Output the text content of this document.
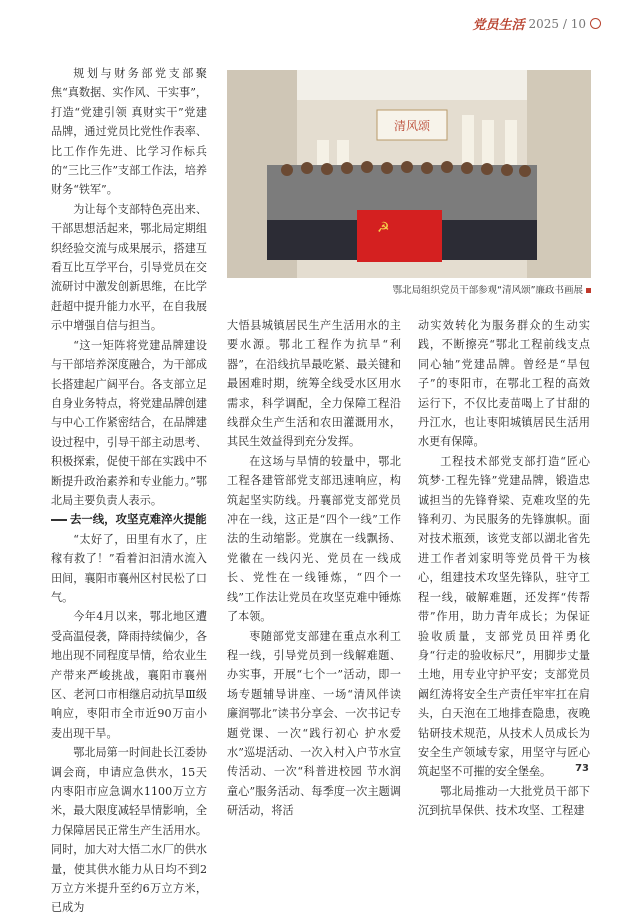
党员生活 2025 / 10

规划与财务部党支部聚焦“真数据、实作风、干实事”，打造“党建引领 真财实干”党建品牌，通过党员比党性作表率、比工作作先进、比学习作标兵的“三比三作”支部工作法，培养财务“铁军”。

为让每个支部特色亮出来、干部思想活起来，鄂北局定期组织经验交流与成果展示，搭建互看互比互学平台，引导党员在交流研讨中激发创新思维，在比学赶超中提升能力水平，在自我展示中增强自信与担当。

“这一矩阵将党建品牌建设与干部培养深度融合，为干部成长搭建起广阔平台。各支部立足自身业务特点，将党建品牌创建与中心工作紧密结合，在品牌建设过程中，引导干部主动思考、积极探索，促使干部在实践中不断提升政治素养和专业能力。”鄂北局主要负责人表示。

去一线，攻坚克难淬火提能

“太好了，田里有水了，庄稼有救了！”看着汩汩清水流入田间，襄阳市襄州区村民松了口气。

今年4月以来，鄂北地区遭受高温侵袭，降雨持续偏少，各地出现不同程度旱情，给农业生产带来严峻挑战，襄阳市襄州区、老河口市相继启动抗旱Ⅲ级响应，枣阳市全市近90万亩小麦出现干旱。

鄂北局第一时间赴长江委协调会商，申请应急供水，15天内枣阳市应急调水1100万立方米，最大限度减轻旱情影响，全力保障居民正常生产生活用水。同时，加大对大悟二水厂的供水量，使其供水能力从日均不到2万立方米提升至约6万立方米，已成为

清风颂
☭
鄂北局组织党员干部参观“清风颂”廉政书画展

大悟县城镇居民生产生活用水的主要水源。鄂北工程作为抗旱“利器”，在沿线抗旱最吃紧、最关键和最困难时期，统筹全线受水区用水需求，科学调配，全力保障工程沿线群众生产生活和农田灌溉用水，其民生效益得到充分发挥。

在这场与旱情的较量中，鄂北工程各建管部党支部迅速响应，构筑起坚实防线。丹襄部党支部党员冲在一线，这正是“四个一线”工作法的生动缩影。党旗在一线飘扬、党徽在一线闪光、党员在一线成长、党性在一线锤炼，“四个一线”工作法让党员在攻坚克难中锤炼了本领。

枣随部党支部建在重点水利工程一线，引导党员到一线解难题、办实事，开展“七个一”活动，即一场专题辅导讲座、一场“清风伴读 廉润鄂北”读书分享会、一次书记专题党课、一次“践行初心 护水爱水”巡堤活动、一次入村入户节水宣传活动、一次“科普进校园 节水润童心”服务活动、每季度一次主题调研活动，将活

动实效转化为服务群众的生动实践，不断擦亮“鄂北工程前线支点同心轴”党建品牌。曾经是“旱包子”的枣阳市，在鄂北工程的高效运行下，不仅比麦苗喝上了甘甜的丹江水，也让枣阳城镇居民生活用水更有保障。

工程技术部党支部打造“匠心筑梦·工程先锋”党建品牌，锻造忠诚担当的先锋脊梁、克难攻坚的先锋利刃、为民服务的先锋旗帜。面对技术瓶颈，该党支部以湖北省先进工作者刘家明等党员骨干为核心，组建技术攻坚先锋队，驻守工程一线，破解难题，还发挥“传帮带”作用，助力青年成长；为保证验收质量，支部党员田祥勇化身“行走的验收标尺”，用脚步丈量土地，用专业守护平安；支部党员阚红涛将安全生产责任牢牢扛在肩头，白天泡在工地排查隐患，夜晚钻研技术规范，从技术人员成长为安全生产领域专家，用坚守与匠心筑起坚不可摧的安全堡垒。

鄂北局推动一大批党员干部下沉到抗旱保供、技术攻坚、工程建

73
